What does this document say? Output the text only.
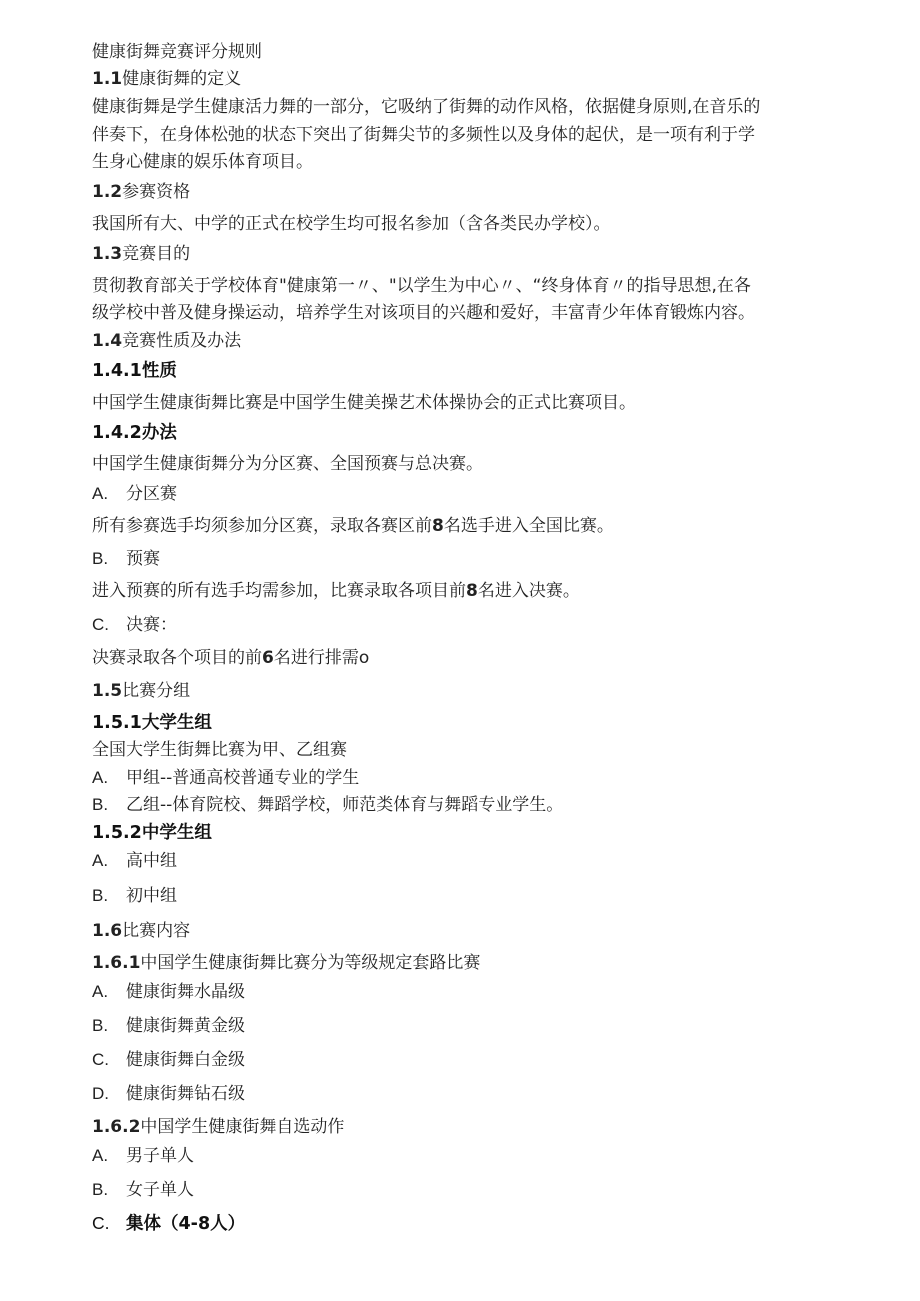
健康街舞竞赛评分规则
1.1健康街舞的定义
健康街舞是学生健康活力舞的一部分，它吸纳了街舞的动作风格，依据健身原则,在音乐的
伴奏下，在身体松弛的状态下突出了街舞尖节的多频性以及身体的起伏，是一项有利于学
生身心健康的娱乐体育项目。
1.2参赛资格
我国所有大、中学的正式在校学生均可报名参加（含各类民办学校）。
1.3竞赛目的
贯彻教育部关于学校体育"健康第一〃、"以学生为中心〃、“终身体育〃的指导思想,在各
级学校中普及健身操运动，培养学生对该项目的兴趣和爱好，丰富青少年体育锻炼内容。
1.4竞赛性质及办法
1.4.1性质
中国学生健康街舞比赛是中国学生健美操艺术体操协会的正式比赛项目。
1.4.2办法
中国学生健康街舞分为分区赛、全国预赛与总决赛。
A. 分区赛
所有参赛选手均须参加分区赛，录取各赛区前8名选手进入全国比赛。
B. 预赛
进入预赛的所有选手均需参加，比赛录取各项目前8名进入决赛。
C. 决赛：
决赛录取各个项目的前6名进行排需o
1.5比赛分组
1.5.1大学生组
全国大学生街舞比赛为甲、乙组赛
A. 甲组--普通高校普通专业的学生
B. 乙组--体育院校、舞蹈学校，师范类体育与舞蹈专业学生。
1.5.2中学生组
A. 高中组
B. 初中组
1.6比赛内容
1.6.1中国学生健康街舞比赛分为等级规定套路比赛
A. 健康街舞水晶级
B. 健康街舞黄金级
C. 健康街舞白金级
D. 健康街舞钻石级
1.6.2中国学生健康街舞自选动作
A. 男子单人
B. 女子单人
C. 集体（4-8人）
